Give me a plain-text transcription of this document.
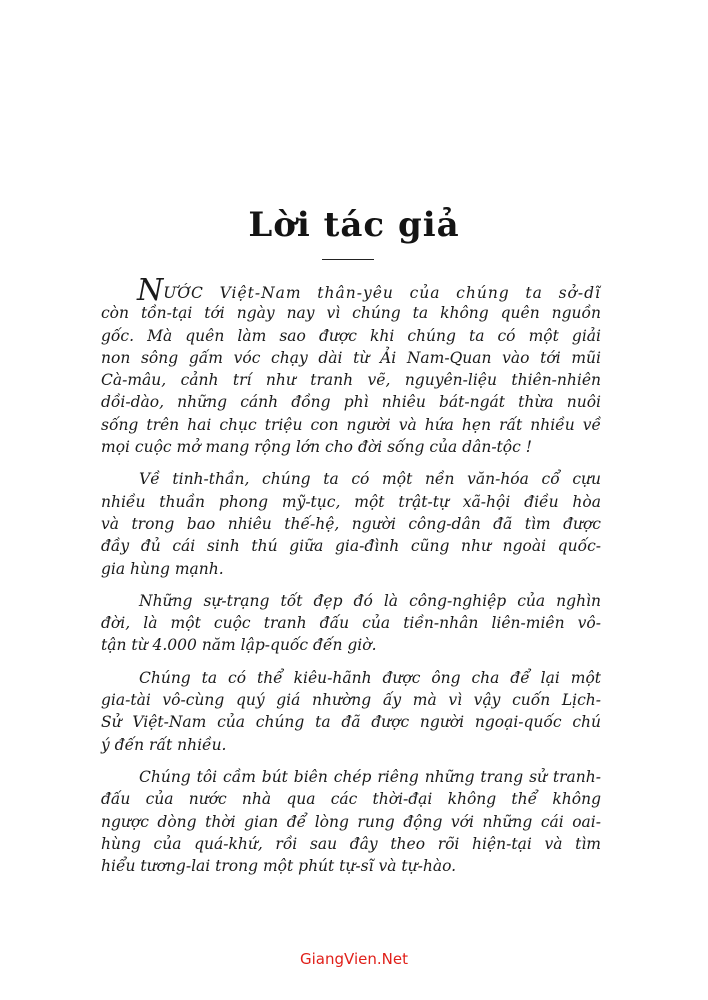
Lời tác giả
NƯỚC Việt-Nam thân-yêu của chúng ta sở-dĩ
còn tồn-tại tới ngày nay vì chúng ta không quên nguồn
gốc. Mà quên làm sao được khi chúng ta có một giải
non sông gấm vóc chạy dài từ Ải Nam-Quan vào tới mũi
Cà-mâu, cảnh trí như tranh vẽ, nguyên-liệu thiên-nhiên
dồi-dào, những cánh đồng phì nhiêu bát-ngát thừa nuôi
sống trên hai chục triệu con người và hứa hẹn rất nhiều về
mọi cuộc mở mang rộng lớn cho đời sống của dân-tộc !
Về tinh-thần, chúng ta có một nền văn-hóa cổ cựu
nhiều thuần phong mỹ-tục, một trật-tự xã-hội điều hòa
và trong bao nhiêu thế-hệ, người công-dân đã tìm được
đầy đủ cái sinh thú giữa gia-đình cũng như ngoài quốc-
gia hùng mạnh.
Những sự-trạng tốt đẹp đó là công-nghiệp của nghìn
đời, là một cuộc tranh đấu của tiền-nhân liên-miên vô-
tận từ 4.000 năm lập-quốc đến giờ.
Chúng ta có thể kiêu-hãnh được ông cha để lại một
gia-tài vô-cùng quý giá nhường ấy mà vì vậy cuốn Lịch-
Sử Việt-Nam của chúng ta đã được người ngoại-quốc chú
ý đến rất nhiều.
Chúng tôi cầm bút biên chép riêng những trang sử tranh-
đấu của nước nhà qua các thời-đại không thể không
ngược dòng thời gian để lòng rung động với những cái oai-
hùng của quá-khứ, rồi sau đây theo rõi hiện-tại và tìm
hiểu tương-lai trong một phút tự-sĩ và tự-hào.
GiangVien.Net
